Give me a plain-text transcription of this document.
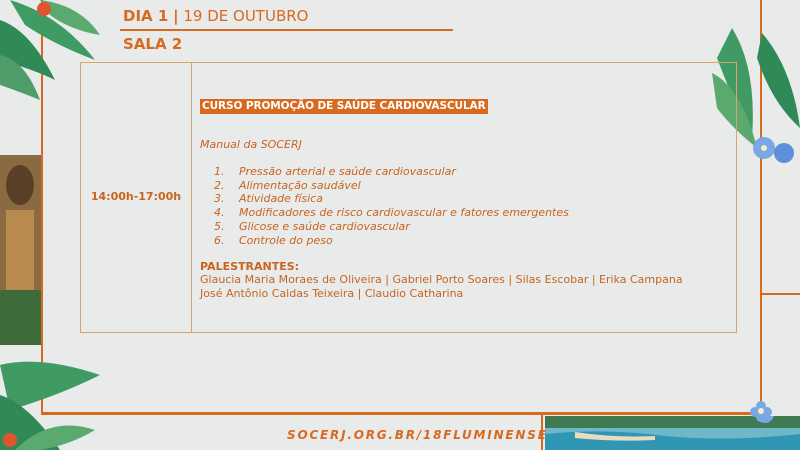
DIA 1 | 19 DE OUTUBRO
SALA 2
14:00h-17:00h
CURSO PROMOÇÃO DE SAÚDE CARDIOVASCULAR
Manual da SOCERJ
1.	Pressão arterial e saúde cardiovascular
2.	Alimentação saudável
3.	Atividade física
4.	Modificadores de risco cardiovascular e fatores emergentes
5.	Glicose e saúde cardiovascular
6.	Controle do peso
PALESTRANTES:
Glaucia Maria Moraes de Oliveira | Gabriel Porto Soares | Silas Escobar | Erika Campana
José Antônio Caldas Teixeira | Claudio Catharina
SOCERJ.ORG.BR/18FLUMINENSE
